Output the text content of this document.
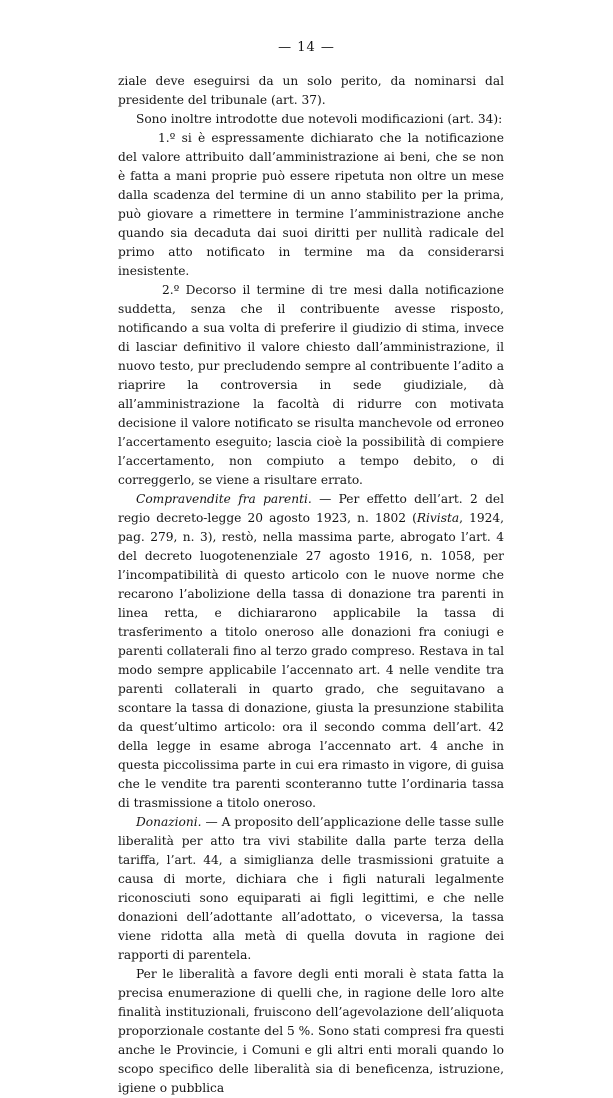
— 14 —

ziale deve eseguirsi da un solo perito, da nominarsi dal presidente del tribunale (art. 37).

Sono inoltre introdotte due notevoli modificazioni (art. 34):

1.º si è espressamente dichiarato che la notificazione del valore attribuito dall’amministrazione ai beni, che se non è fatta a mani proprie può essere ripetuta non oltre un mese dalla scadenza del termine di un anno stabilito per la prima, può giovare a rimettere in termine l’amministrazione anche quando sia decaduta dai suoi diritti per nullità radicale del primo atto notificato in termine ma da considerarsi inesistente.

2.º Decorso il termine di tre mesi dalla notificazione suddetta, senza che il contribuente avesse risposto, notificando a sua volta di preferire il giudizio di stima, invece di lasciar definitivo il valore chiesto dall’amministrazione, il nuovo testo, pur precludendo sempre al contribuente l’adito a riaprire la controversia in sede giudiziale, dà all’amministrazione la facoltà di ridurre con motivata decisione il valore notificato se risulta manchevole od erroneo l’accertamento eseguito; lascia cioè la possibilità di compiere l’accertamento, non compiuto a tempo debito, o di correggerlo, se viene a risultare errato.

Compravendite fra parenti. — Per effetto dell’art. 2 del regio decreto-legge 20 agosto 1923, n. 1802 (Rivista, 1924, pag. 279, n. 3), restò, nella massima parte, abrogato l’art. 4 del decreto luogotenenziale 27 agosto 1916, n. 1058, per l’incompatibilità di questo articolo con le nuove norme che recarono l’abolizione della tassa di donazione tra parenti in linea retta, e dichiararono applicabile la tassa di trasferimento a titolo oneroso alle donazioni fra coniugi e parenti collaterali fino al terzo grado compreso. Restava in tal modo sempre applicabile l’accennato art. 4 nelle vendite tra parenti collaterali in quarto grado, che seguitavano a scontare la tassa di donazione, giusta la presunzione stabilita da quest’ultimo articolo: ora il secondo comma dell’art. 42 della legge in esame abroga l’accennato art. 4 anche in questa piccolissima parte in cui era rimasto in vigore, di guisa che le vendite tra parenti sconteranno tutte l’ordinaria tassa di trasmissione a titolo oneroso.

Donazioni. — A proposito dell’applicazione delle tasse sulle liberalità per atto tra vivi stabilite dalla parte terza della tariffa, l’art. 44, a simiglianza delle trasmissioni gratuite a causa di morte, dichiara che i figli naturali legalmente riconosciuti sono equiparati ai figli legittimi, e che nelle donazioni dell’adottante all’adottato, o viceversa, la tassa viene ridotta alla metà di quella dovuta in ragione dei rapporti di parentela.

Per le liberalità a favore degli enti morali è stata fatta la precisa enumerazione di quelli che, in ragione delle loro alte finalità instituzionali, fruiscono dell’agevolazione dell’aliquota proporzionale costante del 5 %. Sono stati compresi fra questi anche le Provincie, i Comuni e gli altri enti morali quando lo scopo specifico delle liberalità sia di beneficenza, istruzione, igiene o pubblica
